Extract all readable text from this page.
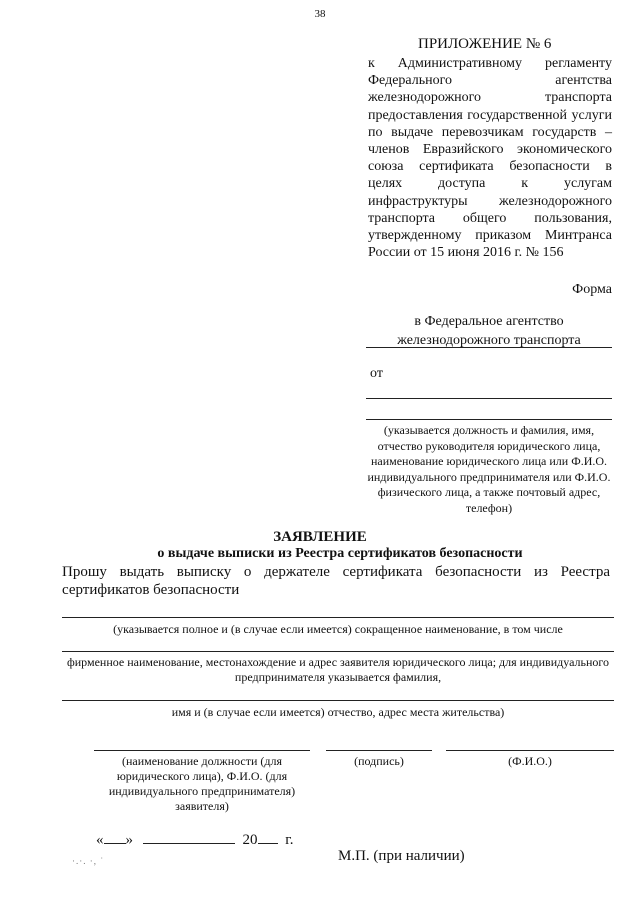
38
ПРИЛОЖЕНИЕ № 6
к Административному регламенту Федерального агентства железнодорожного транспорта предоставления государственной услуги по выдаче перевозчикам государств – членов Евразийского экономического союза сертификата безопасности в целях доступа к услугам инфраструктуры железнодорожного транспорта общего пользования, утвержденному приказом Минтранса России от 15 июня 2016 г. № 156
Форма
в Федеральное агентство
железнодорожного транспорта
от
(указывается должность и фамилия, имя, отчество руководителя юридического лица, наименование юридического лица или Ф.И.О. индивидуального предпринимателя или Ф.И.О. физического лица, а также почтовый адрес, телефон)
ЗАЯВЛЕНИЕ
о выдаче выписки из Реестра сертификатов безопасности
Прошу выдать выписку о держателе сертификата безопасности из Реестра сертификатов безопасности
(указывается полное и (в случае если имеется) сокращенное наименование, в том числе
фирменное наименование, местонахождение и адрес заявителя юридического лица; для индивидуального предпринимателя указывается фамилия,
имя и (в случае если имеется) отчество, адрес места жительства)
(наименование должности (для юридического лица), Ф.И.О. (для индивидуального предпринимателя) заявителя)
(подпись)	(Ф.И.О.)
« »	20 г.
М.П. (при наличии)
·.·. ·, ˙
